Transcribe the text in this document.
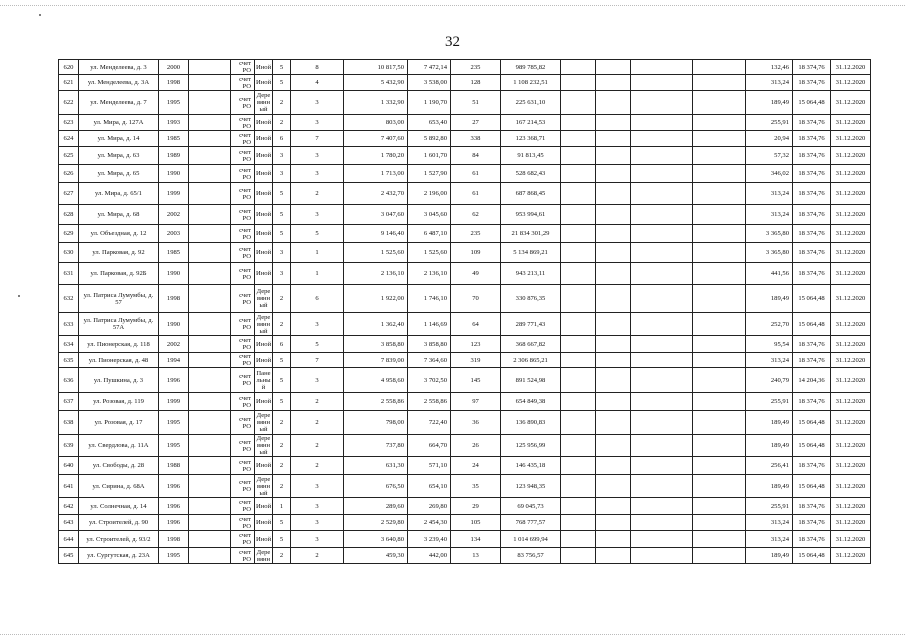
32
620	ул. Менделеева, д. 3	2000		счет РО	Иной	5	8	10 817,50	7 472,14	235	989 785,82					132,46	18 374,76	31.12.2020
621	ул. Менделеева, д. 3А	1998		счет РО	Иной	5	4	5 432,90	3 538,00	128	1 108 232,51					313,24	18 374,76	31.12.2020
622	ул. Менделеева, д. 7	1995		счет РО	Дере вянн ый	2	3	1 332,90	1 190,70	51	225 631,10					189,49	15 064,48	31.12.2020
623	ул. Мира, д. 127А	1993		счет РО	Иной	2	3	803,00	653,40	27	167 214,53					255,91	18 374,76	31.12.2020
624	ул. Мира, д. 14	1985		счет РО	Иной	6	7	7 407,60	5 892,80	338	123 368,71					20,94	18 374,76	31.12.2020
625	ул. Мира, д. 63	1989		счет РО	Иной	3	3	1 780,20	1 601,70	84	91 813,45					57,32	18 374,76	31.12.2020
626	ул. Мира, д. 65	1990		счет РО	Иной	3	3	1 713,00	1 527,90	61	528 682,43					346,02	18 374,76	31.12.2020
627	ул. Мира, д. 65/1	1999		счет РО	Иной	5	2	2 432,70	2 196,00	61	687 868,45					313,24	18 374,76	31.12.2020
628	ул. Мира, д. 68	2002		счет РО	Иной	5	3	3 047,60	3 045,60	62	953 994,61					313,24	18 374,76	31.12.2020
629	ул. Объездная, д. 12	2003		счет РО	Иной	5	5	9 146,40	6 487,10	235	21 834 301,29					3 365,80	18 374,76	31.12.2020
630	ул. Парковая, д. 92	1985		счет РО	Иной	3	1	1 525,60	1 525,60	109	5 134 869,21					3 365,80	18 374,76	31.12.2020
631	ул. Парковая, д. 92Б	1990		счет РО	Иной	3	1	2 136,10	2 136,10	49	943 213,11					441,56	18 374,76	31.12.2020
632	ул. Патриса Лумумбы, д. 57	1998		счет РО	Дере вянн ый	2	6	1 922,00	1 746,10	70	330 876,35					189,49	15 064,48	31.12.2020
633	ул. Патриса Лумумбы, д. 57А	1990		счет РО	Дере вянн ый	2	3	1 362,40	1 146,69	64	289 771,43					252,70	15 064,48	31.12.2020
634	ул. Пионерская, д. 118	2002		счет РО	Иной	6	5	3 858,80	3 858,80	123	368 667,82					95,54	18 374,76	31.12.2020
635	ул. Пионерская, д. 48	1994		счет РО	Иной	5	7	7 839,00	7 364,60	319	2 306 865,21					313,24	18 374,76	31.12.2020
636	ул. Пушкина, д. 3	1996		счет РО	Пане льны й	5	3	4 958,60	3 702,50	145	891 524,98					240,79	14 204,36	31.12.2020
637	ул. Розовая, д. 119	1999		счет РО	Иной	5	2	2 558,86	2 558,86	97	654 849,38					255,91	18 374,76	31.12.2020
638	ул. Розовая, д. 17	1995		счет РО	Дере вянн ый	2	2	798,00	722,40	36	136 890,83					189,49	15 064,48	31.12.2020
639	ул. Свердлова, д. 11А	1995		счет РО	Дере вянн ый	2	2	737,80	664,70	26	125 956,99					189,49	15 064,48	31.12.2020
640	ул. Свободы, д. 28	1988		счет РО	Иной	2	2	631,30	571,10	24	146 435,18					256,41	18 374,76	31.12.2020
641	ул. Сирина, д. 68А	1996		счет РО	Дере вянн ый	2	3	676,50	654,10	35	123 948,35					189,49	15 064,48	31.12.2020
642	ул. Солнечная, д. 14	1996		счет РО	Иной	1	3	289,60	269,80	29	69 045,73					255,91	18 374,76	31.12.2020
643	ул. Строителей, д. 90	1996		счет РО	Иной	5	3	2 529,80	2 454,30	105	768 777,57					313,24	18 374,76	31.12.2020
644	ул. Строителей, д. 93/2	1998		счет РО	Иной	5	3	3 640,80	3 239,40	134	1 014 699,94					313,24	18 374,76	31.12.2020
645	ул. Сургутская, д. 23А	1995		счет РО	Дере вянн	2	2	459,30	442,00	13	83 756,57					189,49	15 064,48	31.12.2020
